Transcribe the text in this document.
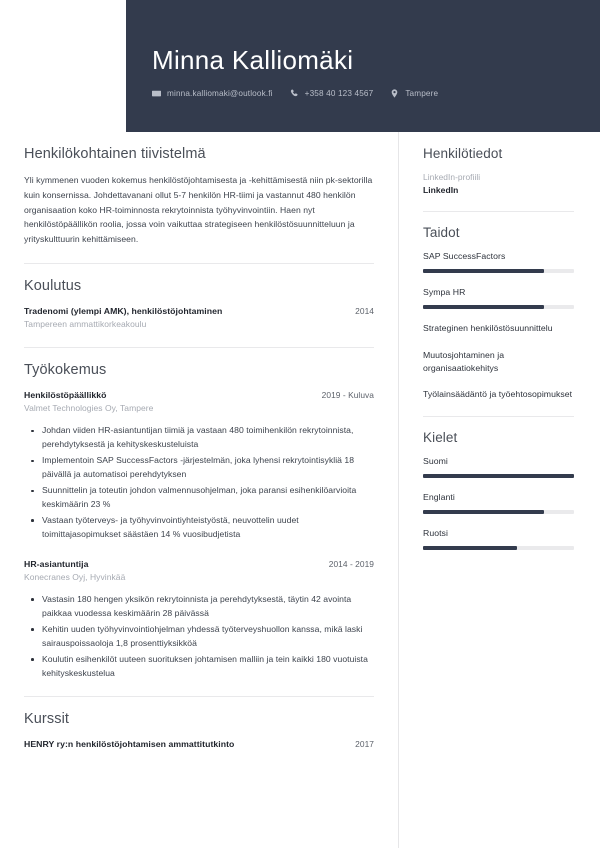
Minna Kalliomäki
minna.kalliomaki@outlook.fi	+358 40 123 4567	Tampere
Henkilökohtainen tiivistelmä
Yli kymmenen vuoden kokemus henkilöstöjohtamisesta ja -kehittämisestä niin pk-sektorilla kuin konsernissa. Johdettavanani ollut 5-7 henkilön HR-tiimi ja vastannut 480 henkilön organisaation koko HR-toiminnosta rekrytoinnista työhyvinvointiin. Haen nyt henkilöstöpäällikön roolia, jossa voin vaikuttaa strategiseen henkilöstösuunnitteluun ja yrityskulttuurin kehittämiseen.
Koulutus
Tradenomi (ylempi AMK), henkilöstöjohtaminen	2014
Tampereen ammattikorkeakoulu
Työkokemus
Henkilöstöpäällikkö	2019 - Kuluva
Valmet Technologies Oy, Tampere
Johdan viiden HR-asiantuntijan tiimiä ja vastaan 480 toimihenkilön rekrytoinnista, perehdytyksestä ja kehityskeskusteluista
Implementoin SAP SuccessFactors -järjestelmän, joka lyhensi rekrytointisykliä 18 päivällä ja automatisoi perehdytyksen
Suunnittelin ja toteutin johdon valmennusohjelman, joka paransi esihenkilöarvioita keskimäärin 23 %
Vastaan työterveys- ja työhyvinvointiyhteistyöstä, neuvottelin uudet toimittajasopimukset säästäen 14 % vuosibudjetista
HR-asiantuntija	2014 - 2019
Konecranes Oyj, Hyvinkää
Vastasin 180 hengen yksikön rekrytoinnista ja perehdytyksestä, täytin 42 avointa paikkaa vuodessa keskimäärin 28 päivässä
Kehitin uuden työhyvinvointiohjelman yhdessä työterveyshuollon kanssa, mikä laski sairauspoissaoloja 1,8 prosenttiyksikköä
Koulutin esihenkilöt uuteen suorituksen johtamisen malliin ja tein kaikki 180 vuotuista kehityskeskustelua
Kurssit
HENRY ry:n henkilöstöjohtamisen ammattitutkinto	2017
Henkilötiedot
LinkedIn-profiili
LinkedIn
Taidot
SAP SuccessFactors
Sympa HR
Strateginen henkilöstösuunnittelu
Muutosjohtaminen ja organisaatiokehitys
Työlainsäädäntö ja työehtosopimukset
Kielet
Suomi
Englanti
Ruotsi
